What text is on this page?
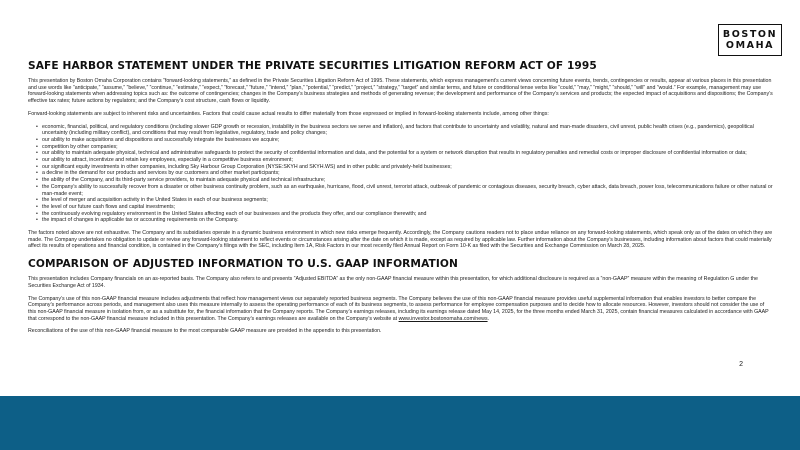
BOSTON
OMAHA
SAFE HARBOR STATEMENT UNDER THE PRIVATE SECURITIES LITIGATION REFORM ACT OF 1995

This presentation by Boston Omaha Corporation contains “forward-looking statements,” as defined in the Private Securities Litigation Reform Act of 1995. These statements, which express management’s current views concerning future events, trends, contingencies or results, appear at various places in this presentation and use words like “anticipate,” “assume,” “believe,” “continue,” “estimate,” “expect,” “forecast,” “future,” “intend,” “plan,” “potential,” “predict,” “project,” “strategy,” “target” and similar terms, and future or conditional tense verbs like “could,” “may,” “might,” “should,” “will” and “would.” For example, management may use forward-looking statements when addressing topics such as: the outcome of contingencies; changes in the Company’s business strategies and methods of generating revenue; the development and performance of the Company’s services and products; the expected impact of acquisitions and dispositions; the Company’s effective tax rates; future actions by regulators; and the Company’s cost structure, cash flows or liquidity.

Forward-looking statements are subject to inherent risks and uncertainties. Factors that could cause actual results to differ materially from those expressed or implied in forward-looking statements include, among other things:

• economic, financial, political, and regulatory conditions (including slower GDP growth or recession, instability in the business sectors we serve and inflation), and factors that contribute to uncertainty and volatility, natural and man-made disasters, civil unrest, public health crises (e.g., pandemics), geopolitical uncertainty (including military conflict), and conditions that may result from legislative, regulatory, trade and policy changes;
• our ability to make acquisitions and dispositions and successfully integrate the businesses we acquire;
• competition by other companies;
• our ability to maintain adequate physical, technical and administrative safeguards to protect the security of confidential information and data, and the potential for a system or network disruption that results in regulatory penalties and remedial costs or improper disclosure of confidential information or data;
• our ability to attract, incentivize and retain key employees, especially in a competitive business environment;
• our significant equity investments in other companies, including Sky Harbour Group Corporation (NYSE:SKYH and SKYH.WS) and in other public and privately-held businesses;
• a decline in the demand for our products and services by our customers and other market participants;
• the ability of the Company, and its third-party service providers, to maintain adequate physical and technical infrastructure;
• the Company’s ability to successfully recover from a disaster or other business continuity problem, such as an earthquake, hurricane, flood, civil unrest, terrorist attack, outbreak of pandemic or contagious diseases, security breach, cyber attack, data breach, power loss, telecommunications failure or other natural or man-made event;
• the level of merger and acquisition activity in the United States in each of our business segments;
• the level of our future cash flows and capital investments;
• the continuously evolving regulatory environment in the United States affecting each of our businesses and the products they offer, and our compliance therewith; and
• the impact of changes in applicable tax or accounting requirements on the Company.

The factors noted above are not exhaustive. The Company and its subsidiaries operate in a dynamic business environment in which new risks emerge frequently. Accordingly, the Company cautions readers not to place undue reliance on any forward-looking statements, which speak only as of the dates on which they are made. The Company undertakes no obligation to update or revise any forward-looking statement to reflect events or circumstances arising after the date on which it is made, except as required by applicable law. Further information about the Company’s businesses, including information about factors that could materially affect its results of operations and financial condition, is contained in the Company’s filings with the SEC, including Item 1A, Risk Factors in our most recently filed Annual Report on Form 10-K as filed with the Securities and Exchange Commission on March 28, 2025.

COMPARISON OF ADJUSTED INFORMATION TO U.S. GAAP INFORMATION

This presentation includes Company financials on an as-reported basis. The Company also refers to and presents “Adjusted EBITDA” as the only non-GAAP financial measure within this presentation, for which additional disclosure is required as a “non-GAAP” measure within the meaning of Regulation G under the Securities Exchange Act of 1934.

The Company’s use of this non-GAAP financial measure includes adjustments that reflect how management views our separately reported business segments. The Company believes the use of this non-GAAP financial measure provides useful supplemental information that enables investors to better compare the Company’s performance across periods, and management also uses this measure internally to assess the operating performance of each of its business segments, to assess performance for employee compensation purposes and to decide how to allocate resources. However, investors should not consider the use of this non-GAAP financial measure in isolation from, or as a substitute for, the financial information that the Company reports. The Company’s earnings releases, including its earnings release dated May 14, 2025, for the three months ended March 31, 2025, contain financial measures calculated in accordance with GAAP that correspond to the non-GAAP financial measure included in this presentation. The Company’s earnings releases are available on the Company’s website at www.investor.bostonomaha.com/news.

Reconciliations of the use of this non-GAAP financial measure to the most comparable GAAP measure are provided in the appendix to this presentation.

2
